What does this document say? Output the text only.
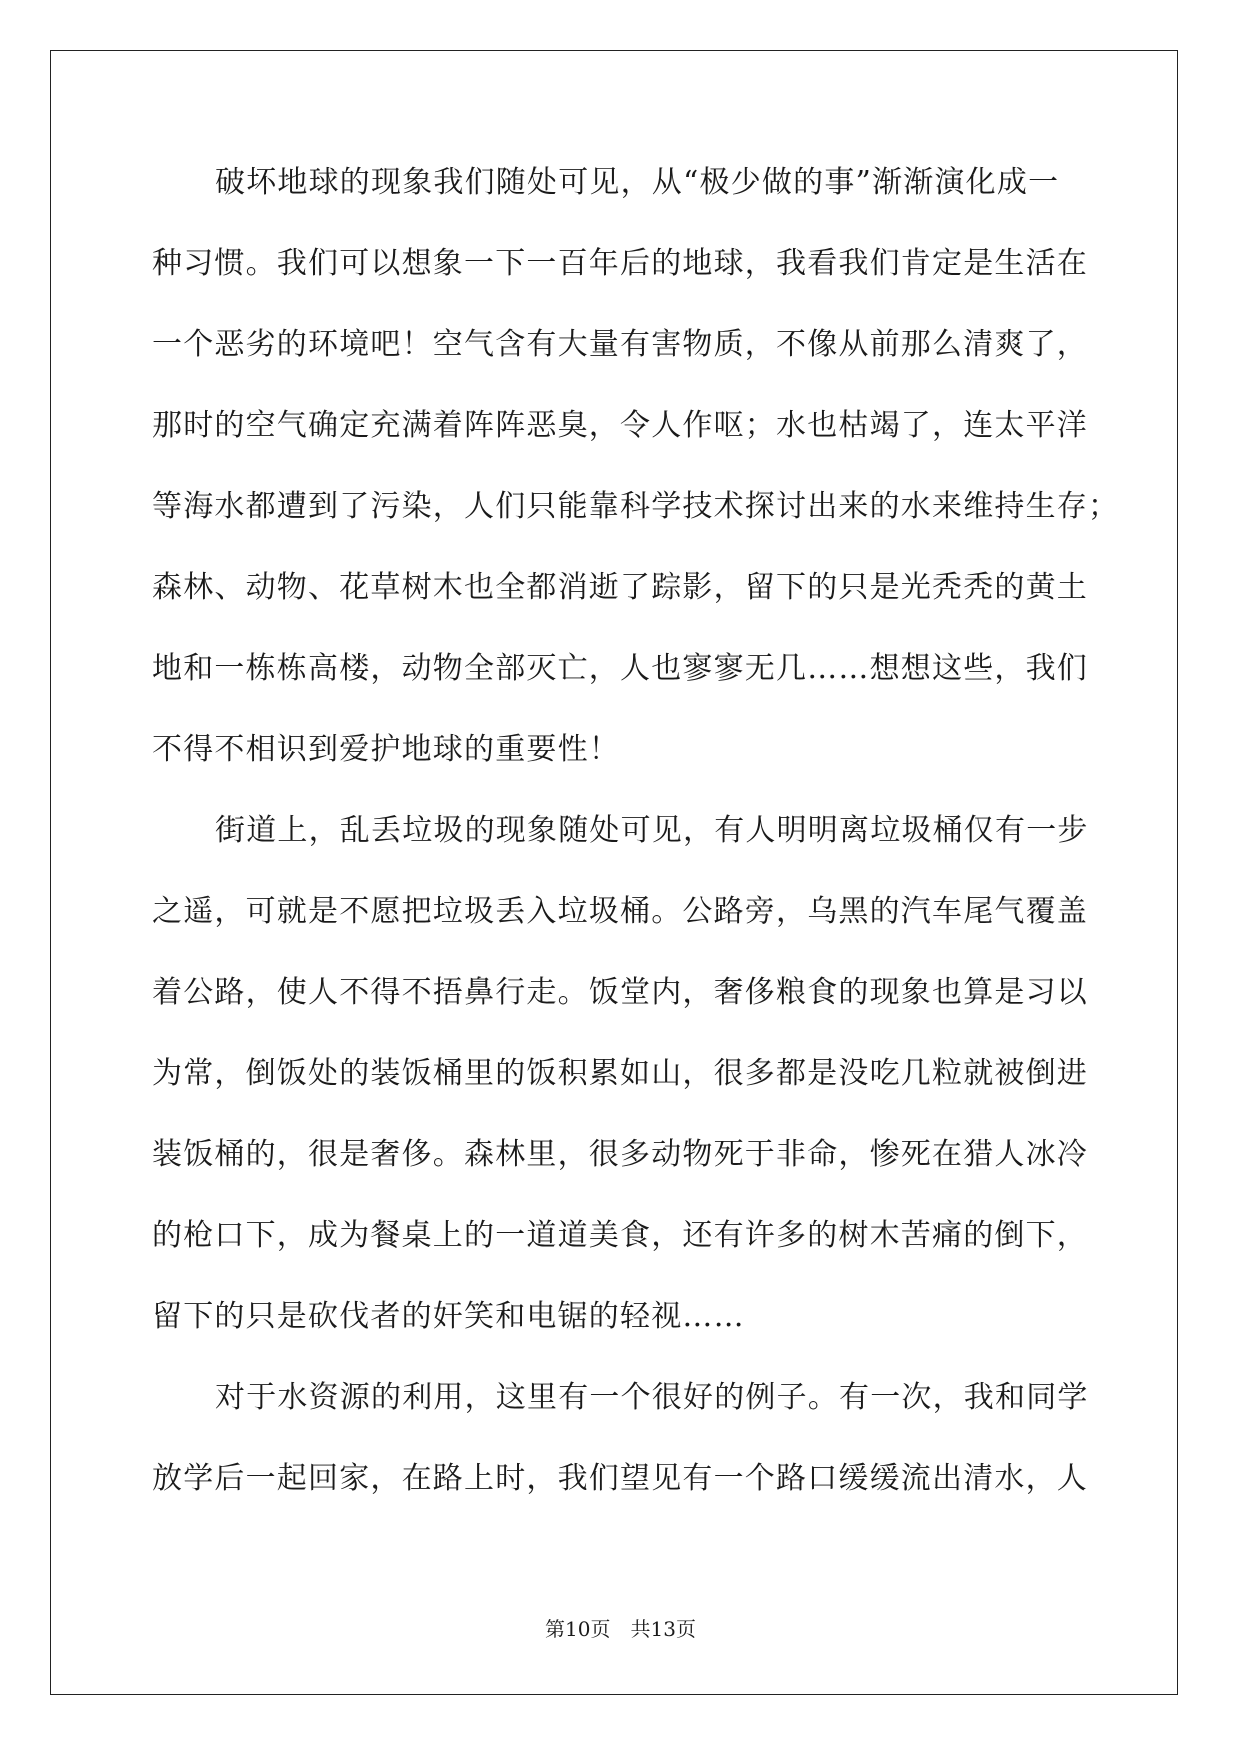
破坏地球的现象我们随处可见，从“极少做的事”渐渐演化成一
种习惯。我们可以想象一下一百年后的地球，我看我们肯定是生活在
一个恶劣的环境吧！空气含有大量有害物质，不像从前那么清爽了，
那时的空气确定充满着阵阵恶臭，令人作呕；水也枯竭了，连太平洋
等海水都遭到了污染，人们只能靠科学技术探讨出来的水来维持生存；
森林、动物、花草树木也全都消逝了踪影，留下的只是光秃秃的黄土
地和一栋栋高楼，动物全部灭亡，人也寥寥无几……想想这些，我们
不得不相识到爱护地球的重要性！
街道上，乱丢垃圾的现象随处可见，有人明明离垃圾桶仅有一步
之遥，可就是不愿把垃圾丢入垃圾桶。公路旁，乌黑的汽车尾气覆盖
着公路，使人不得不捂鼻行走。饭堂内，奢侈粮食的现象也算是习以
为常，倒饭处的装饭桶里的饭积累如山，很多都是没吃几粒就被倒进
装饭桶的，很是奢侈。森林里，很多动物死于非命，惨死在猎人冰冷
的枪口下，成为餐桌上的一道道美食，还有许多的树木苦痛的倒下，
留下的只是砍伐者的奸笑和电锯的轻视……
对于水资源的利用，这里有一个很好的例子。有一次，我和同学
放学后一起回家，在路上时，我们望见有一个路口缓缓流出清水，人
第10页　共13页
